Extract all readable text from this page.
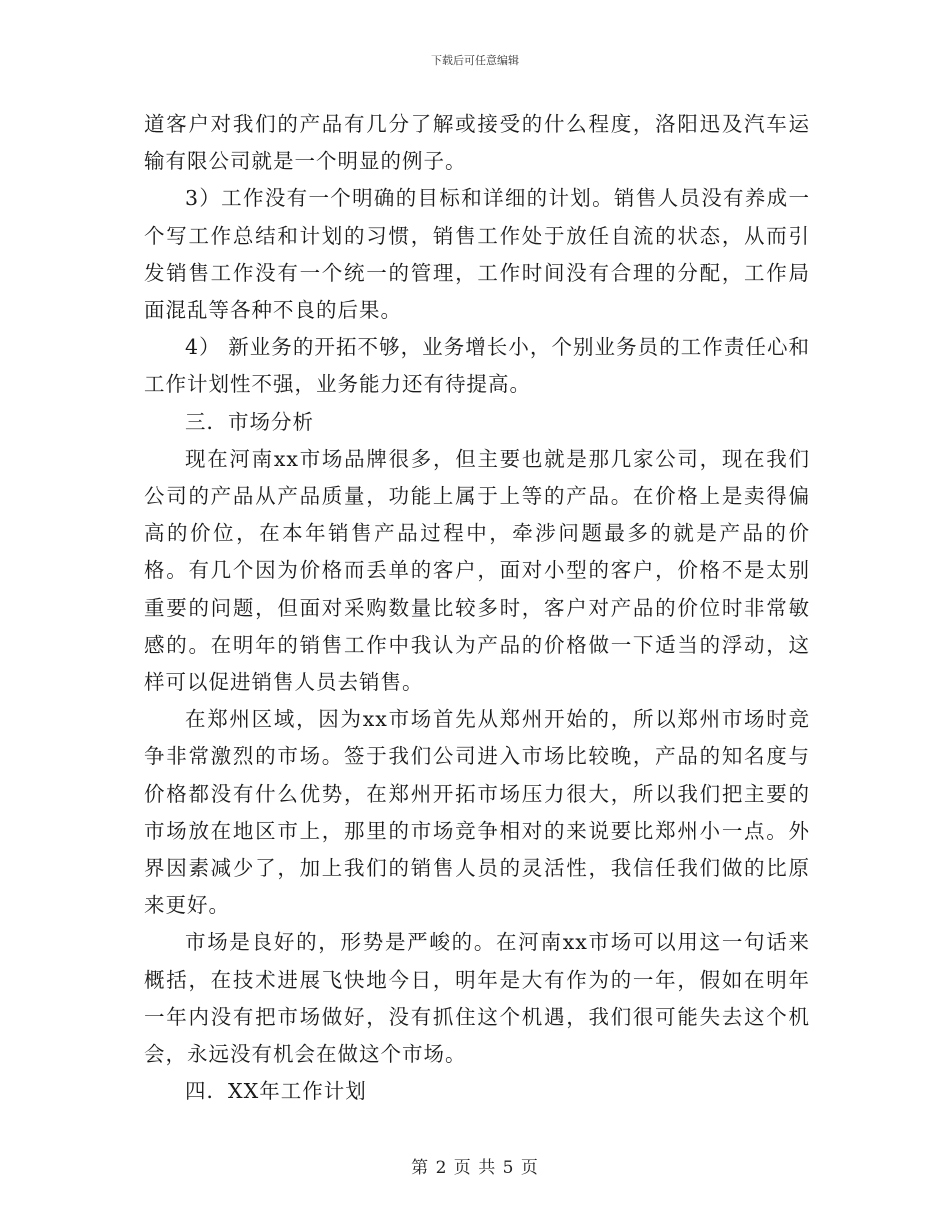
下载后可任意编辑

道客户对我们的产品有几分了解或接受的什么程度，洛阳迅及汽车运输有限公司就是一个明显的例子。

3）工作没有一个明确的目标和详细的计划。销售人员没有养成一个写工作总结和计划的习惯，销售工作处于放任自流的状态，从而引发销售工作没有一个统一的管理，工作时间没有合理的分配，工作局面混乱等各种不良的后果。

4） 新业务的开拓不够，业务增长小，个别业务员的工作责任心和工作计划性不强，业务能力还有待提高。

三．市场分析

现在河南xx市场品牌很多，但主要也就是那几家公司，现在我们公司的产品从产品质量，功能上属于上等的产品。在价格上是卖得偏高的价位，在本年销售产品过程中，牵涉问题最多的就是产品的价格。有几个因为价格而丢单的客户，面对小型的客户，价格不是太别重要的问题，但面对采购数量比较多时，客户对产品的价位时非常敏感的。在明年的销售工作中我认为产品的价格做一下适当的浮动，这样可以促进销售人员去销售。

在郑州区域，因为xx市场首先从郑州开始的，所以郑州市场时竞争非常激烈的市场。签于我们公司进入市场比较晚，产品的知名度与价格都没有什么优势，在郑州开拓市场压力很大，所以我们把主要的市场放在地区市上，那里的市场竞争相对的来说要比郑州小一点。外界因素减少了，加上我们的销售人员的灵活性，我信任我们做的比原来更好。

市场是良好的，形势是严峻的。在河南xx市场可以用这一句话来概括，在技术进展飞快地今日，明年是大有作为的一年，假如在明年一年内没有把市场做好，没有抓住这个机遇，我们很可能失去这个机会，永远没有机会在做这个市场。

四．XX年工作计划

第 2 页 共 5 页
